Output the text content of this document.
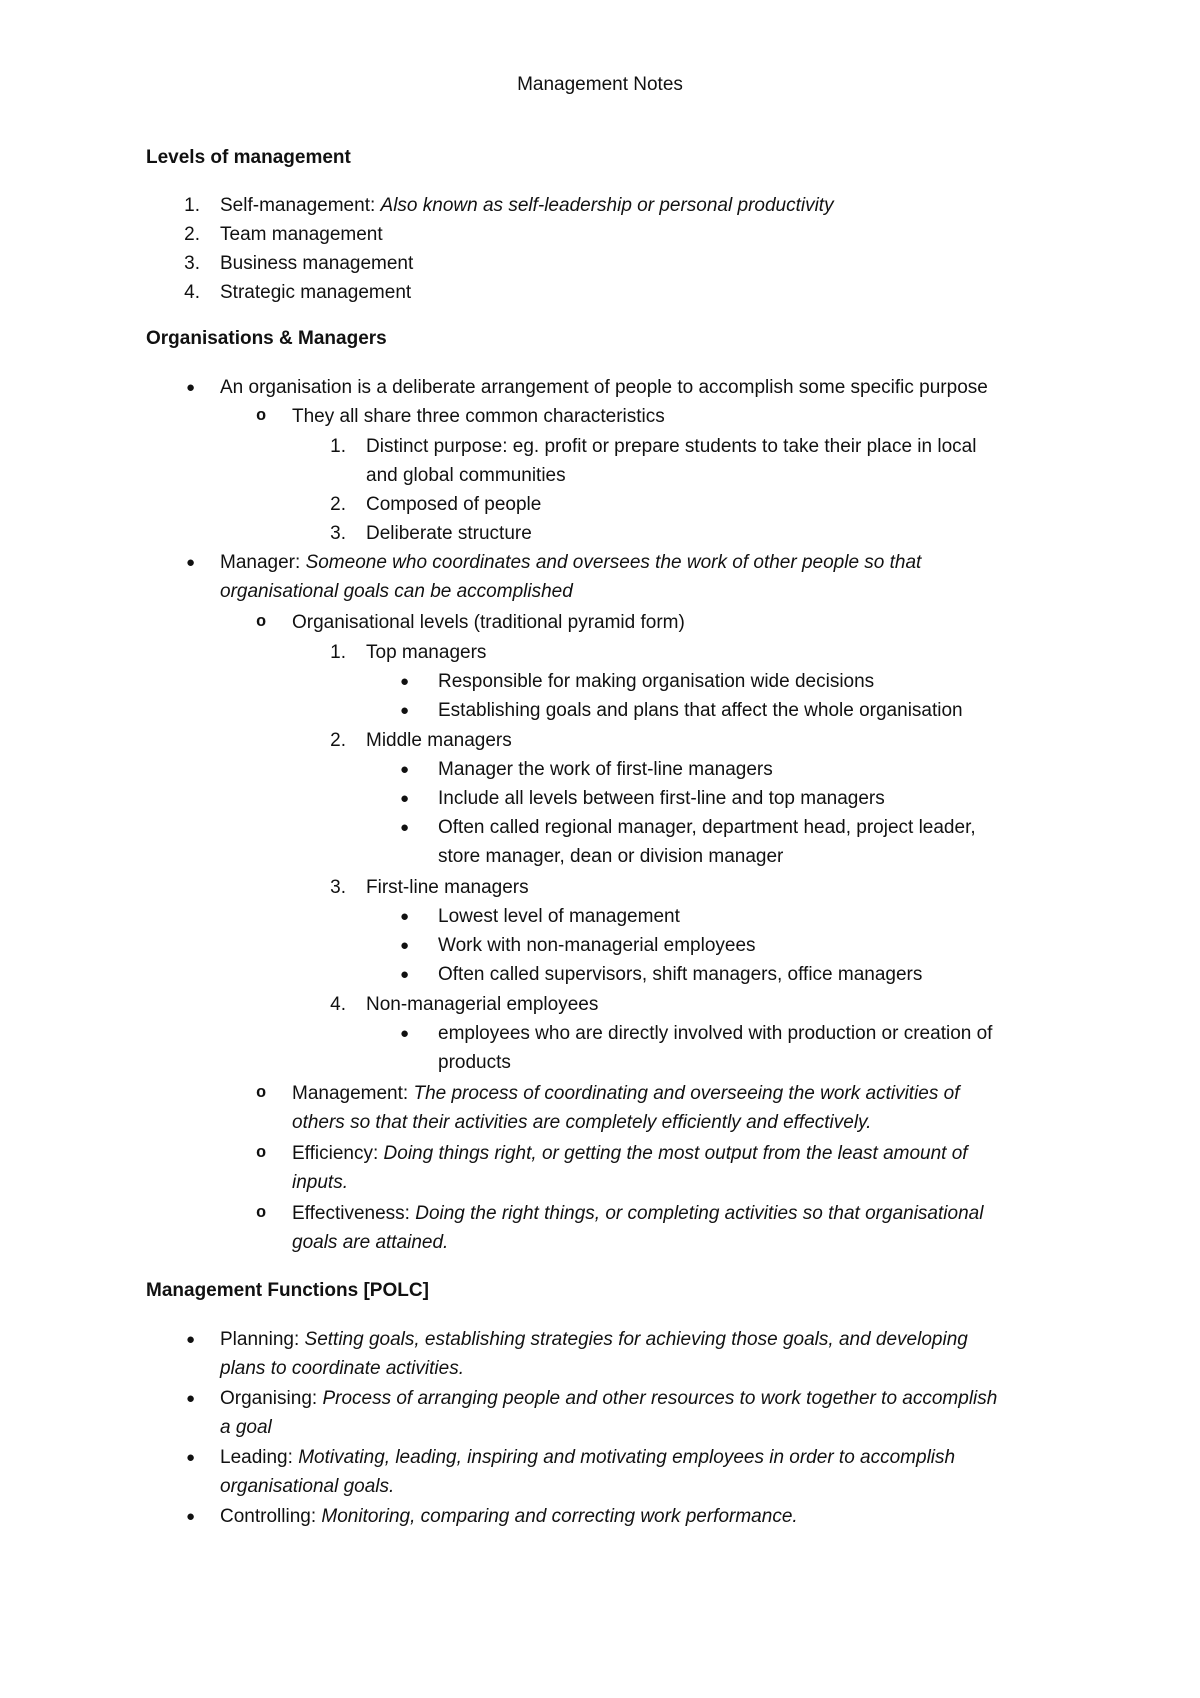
Management Notes
Levels of management
1. Self-management: Also known as self-leadership or personal productivity
2. Team management
3. Business management
4. Strategic management
Organisations & Managers
● An organisation is a deliberate arrangement of people to accomplish some specific purpose
o They all share three common characteristics
1. Distinct purpose: eg. profit or prepare students to take their place in local
and global communities
2. Composed of people
3. Deliberate structure
● Manager: Someone who coordinates and oversees the work of other people so that
organisational goals can be accomplished
o Organisational levels (traditional pyramid form)
1. Top managers
● Responsible for making organisation wide decisions
● Establishing goals and plans that affect the whole organisation
2. Middle managers
● Manager the work of first-line managers
● Include all levels between first-line and top managers
● Often called regional manager, department head, project leader,
store manager, dean or division manager
3. First-line managers
● Lowest level of management
● Work with non-managerial employees
● Often called supervisors, shift managers, office managers
4. Non-managerial employees
● employees who are directly involved with production or creation of
products
o Management: The process of coordinating and overseeing the work activities of
others so that their activities are completely efficiently and effectively.
o Efficiency: Doing things right, or getting the most output from the least amount of
inputs.
o Effectiveness: Doing the right things, or completing activities so that organisational
goals are attained.
Management Functions [POLC]
● Planning: Setting goals, establishing strategies for achieving those goals, and developing
plans to coordinate activities.
● Organising: Process of arranging people and other resources to work together to accomplish
a goal
● Leading: Motivating, leading, inspiring and motivating employees in order to accomplish
organisational goals.
● Controlling: Monitoring, comparing and correcting work performance.
